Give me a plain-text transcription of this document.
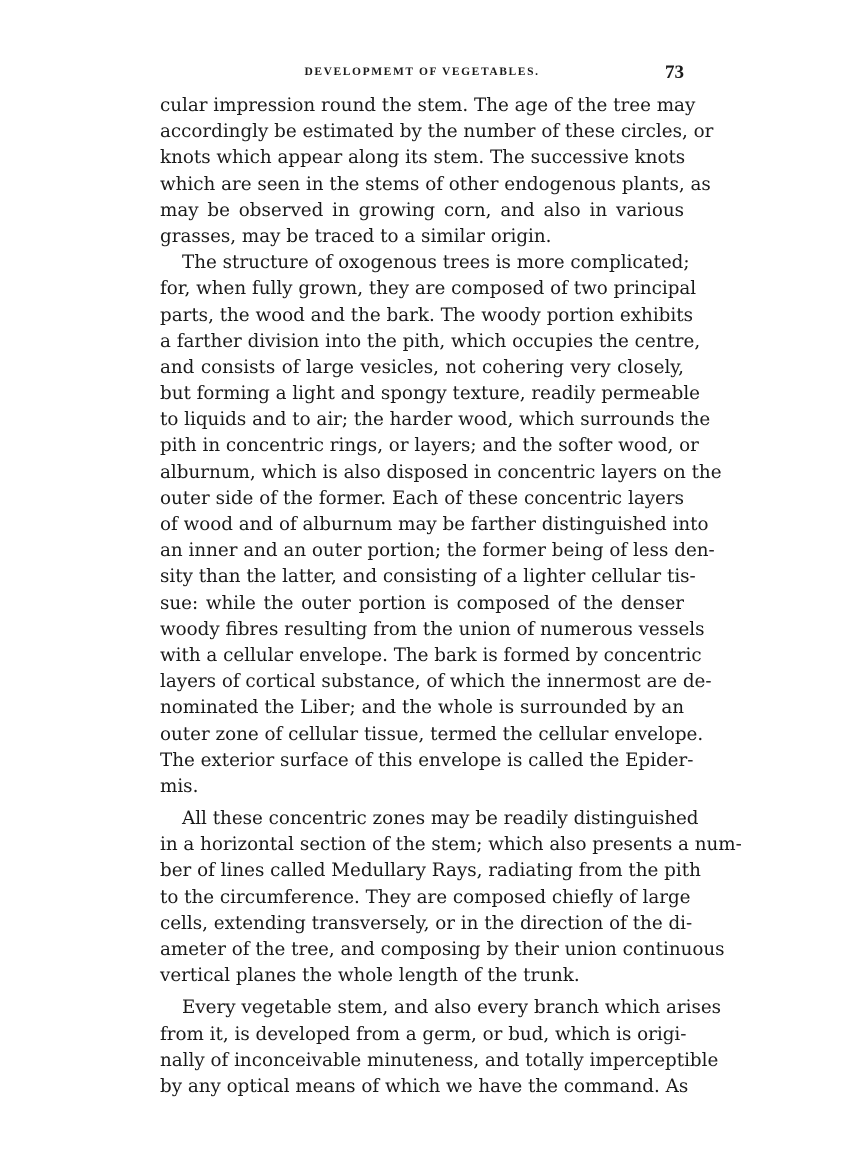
DEVELOPMEMT OF VEGETABLES.	73
cular impression round the stem. The age of the tree may
accordingly be estimated by the number of these circles, or
knots which appear along its stem. The successive knots
which are seen in the stems of other endogenous plants, as
may be observed in growing corn, and also in various
grasses, may be traced to a similar origin.
The structure of oxogenous trees is more complicated;
for, when fully grown, they are composed of two principal
parts, the wood and the bark. The woody portion exhibits
a farther division into the pith, which occupies the centre,
and consists of large vesicles, not cohering very closely,
but forming a light and spongy texture, readily permeable
to liquids and to air; the harder wood, which surrounds the
pith in concentric rings, or layers; and the softer wood, or
alburnum, which is also disposed in concentric layers on the
outer side of the former. Each of these concentric layers
of wood and of alburnum may be farther distinguished into
an inner and an outer portion; the former being of less den-
sity than the latter, and consisting of a lighter cellular tis-
sue: while the outer portion is composed of the denser
woody fibres resulting from the union of numerous vessels
with a cellular envelope. The bark is formed by concentric
layers of cortical substance, of which the innermost are de-
nominated the Liber; and the whole is surrounded by an
outer zone of cellular tissue, termed the cellular envelope.
The exterior surface of this envelope is called the Epider-
mis.
All these concentric zones may be readily distinguished
in a horizontal section of the stem; which also presents a num-
ber of lines called Medullary Rays, radiating from the pith
to the circumference. They are composed chiefly of large
cells, extending transversely, or in the direction of the di-
ameter of the tree, and composing by their union continuous
vertical planes the whole length of the trunk.
Every vegetable stem, and also every branch which arises
from it, is developed from a germ, or bud, which is origi-
nally of inconceivable minuteness, and totally imperceptible
by any optical means of which we have the command. As
